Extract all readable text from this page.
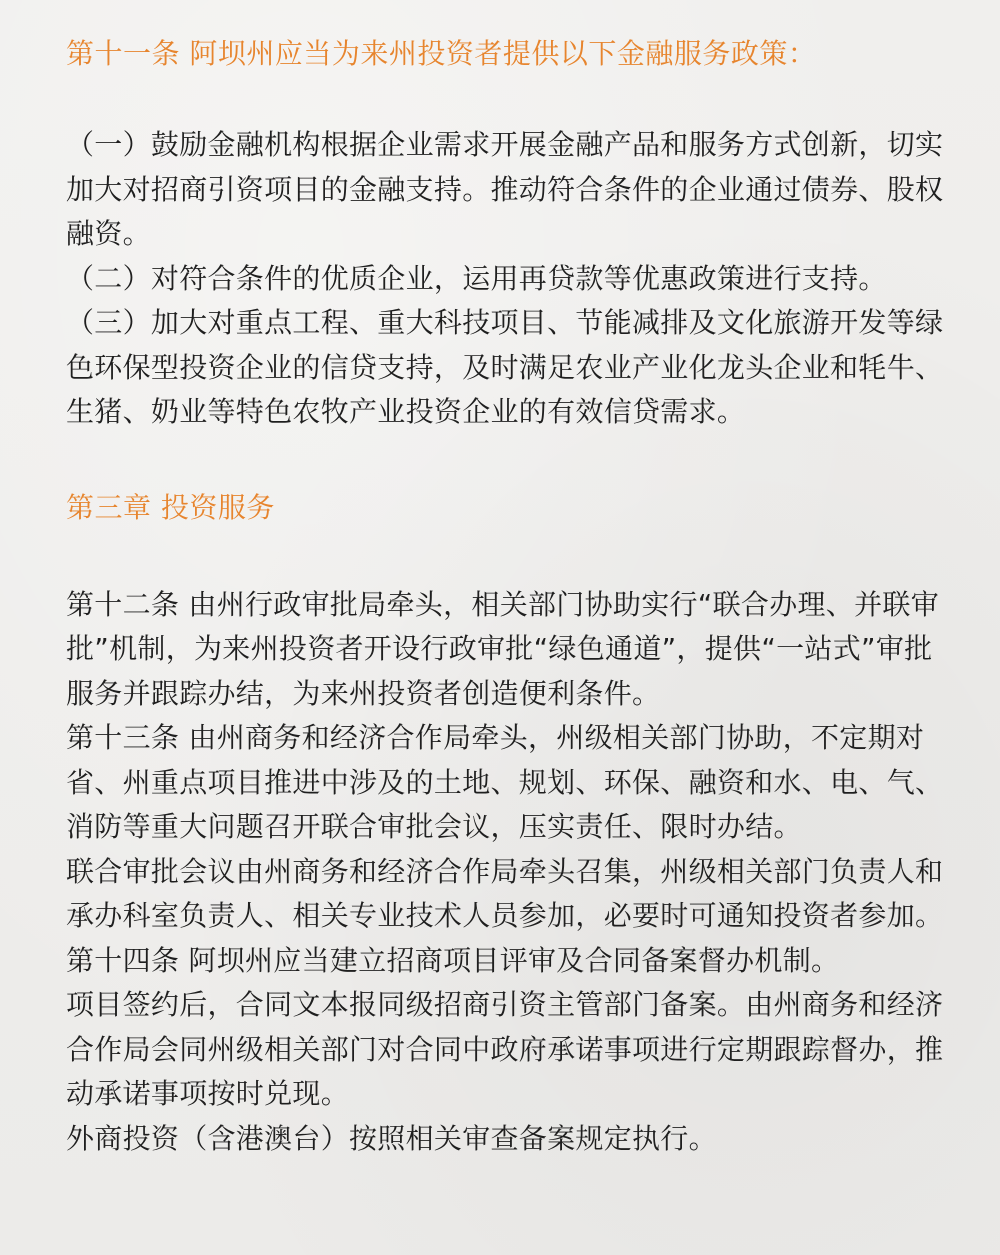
第十一条 阿坝州应当为来州投资者提供以下金融服务政策：

（一）鼓励金融机构根据企业需求开展金融产品和服务方式创新，切实加大对招商引资项目的金融支持。推动符合条件的企业通过债券、股权融资。

（二）对符合条件的优质企业，运用再贷款等优惠政策进行支持。

（三）加大对重点工程、重大科技项目、节能减排及文化旅游开发等绿色环保型投资企业的信贷支持，及时满足农业产业化龙头企业和牦牛、生猪、奶业等特色农牧产业投资企业的有效信贷需求。

第三章 投资服务

第十二条 由州行政审批局牵头，相关部门协助实行“联合办理、并联审批”机制，为来州投资者开设行政审批“绿色通道”，提供“一站式”审批服务并跟踪办结，为来州投资者创造便利条件。

第十三条 由州商务和经济合作局牵头，州级相关部门协助，不定期对省、州重点项目推进中涉及的土地、规划、环保、融资和水、电、气、消防等重大问题召开联合审批会议，压实责任、限时办结。

联合审批会议由州商务和经济合作局牵头召集，州级相关部门负责人和承办科室负责人、相关专业技术人员参加，必要时可通知投资者参加。

第十四条 阿坝州应当建立招商项目评审及合同备案督办机制。

项目签约后，合同文本报同级招商引资主管部门备案。由州商务和经济合作局会同州级相关部门对合同中政府承诺事项进行定期跟踪督办，推动承诺事项按时兑现。

外商投资（含港澳台）按照相关审查备案规定执行。
